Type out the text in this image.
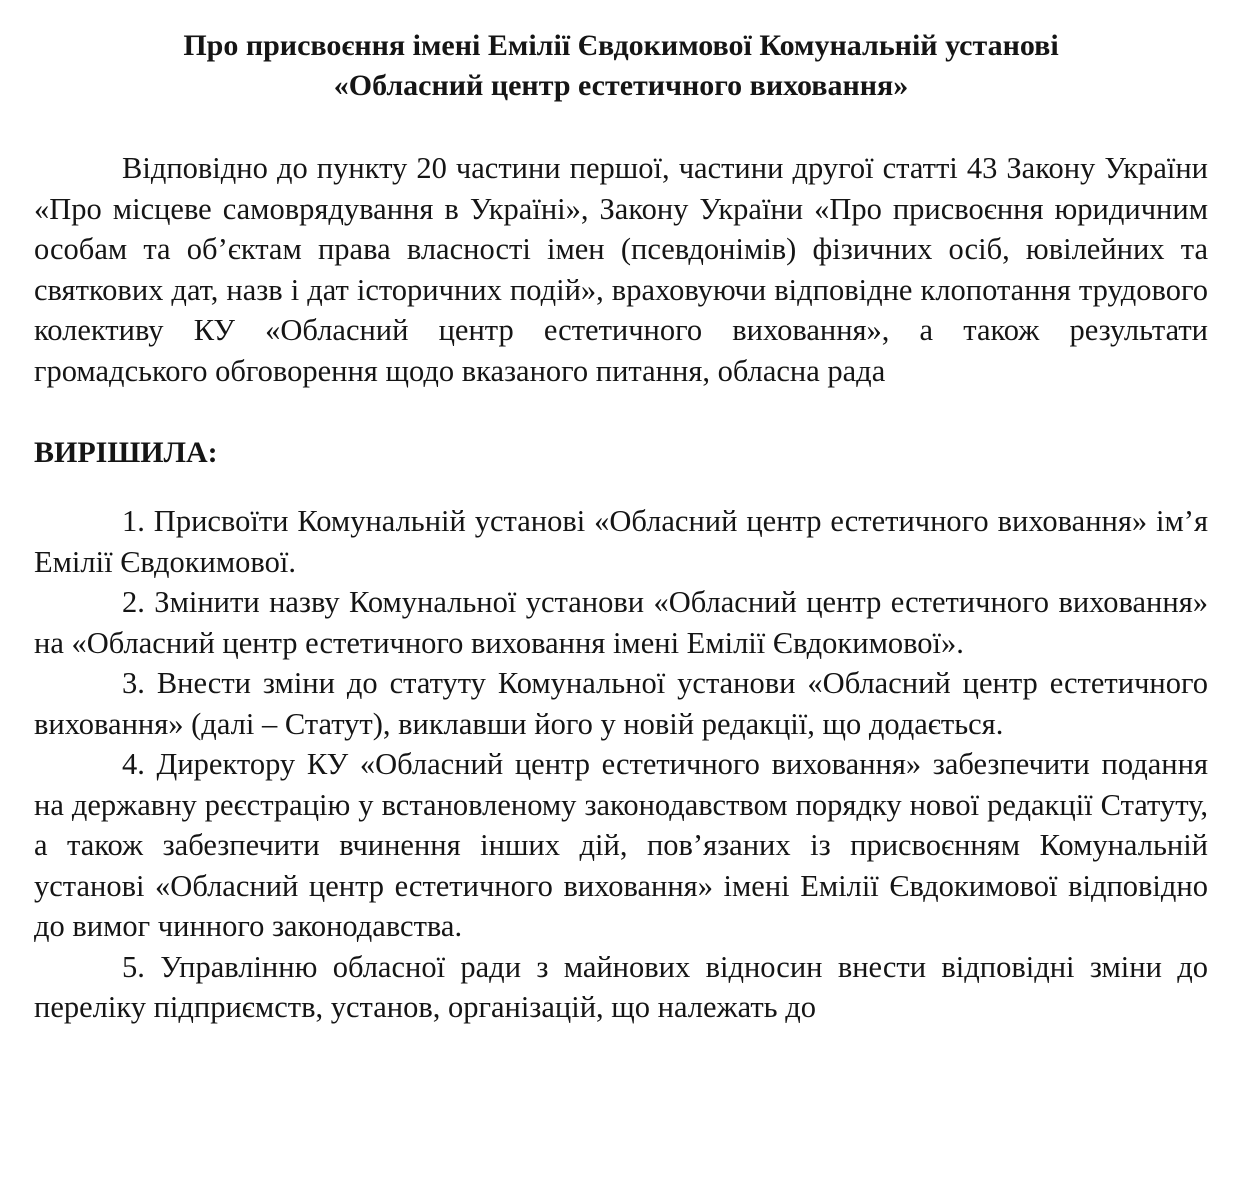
Про присвоєння імені Емілії Євдокимової Комунальній установі
«Обласний центр естетичного виховання»

Відповідно до пункту 20 частини першої, частини другої статті 43 Закону України «Про місцеве самоврядування в Україні», Закону України «Про присвоєння юридичним особам та об’єктам права власності імен (псевдонімів) фізичних осіб, ювілейних та святкових дат, назв і дат історичних подій», враховуючи відповідне клопотання трудового колективу КУ «Обласний центр естетичного виховання», а також результати громадського обговорення щодо вказаного питання, обласна рада

ВИРІШИЛА:

1. Присвоїти Комунальній установі «Обласний центр естетичного виховання» ім’я Емілії Євдокимової.

2. Змінити назву Комунальної установи «Обласний центр естетичного виховання» на «Обласний центр естетичного виховання імені Емілії Євдокимової».

3. Внести зміни до статуту Комунальної установи «Обласний центр естетичного виховання» (далі – Статут), виклавши його у новій редакції, що додається.

4. Директору КУ «Обласний центр естетичного виховання» забезпечити подання на державну реєстрацію у встановленому законодавством порядку нової редакції Статуту, а також забезпечити вчинення інших дій, пов’язаних із присвоєнням Комунальній установі «Обласний центр естетичного виховання» імені Емілії Євдокимової відповідно до вимог чинного законодавства.

5. Управлінню обласної ради з майнових відносин внести відповідні зміни до переліку підприємств, установ, організацій, що належать до
